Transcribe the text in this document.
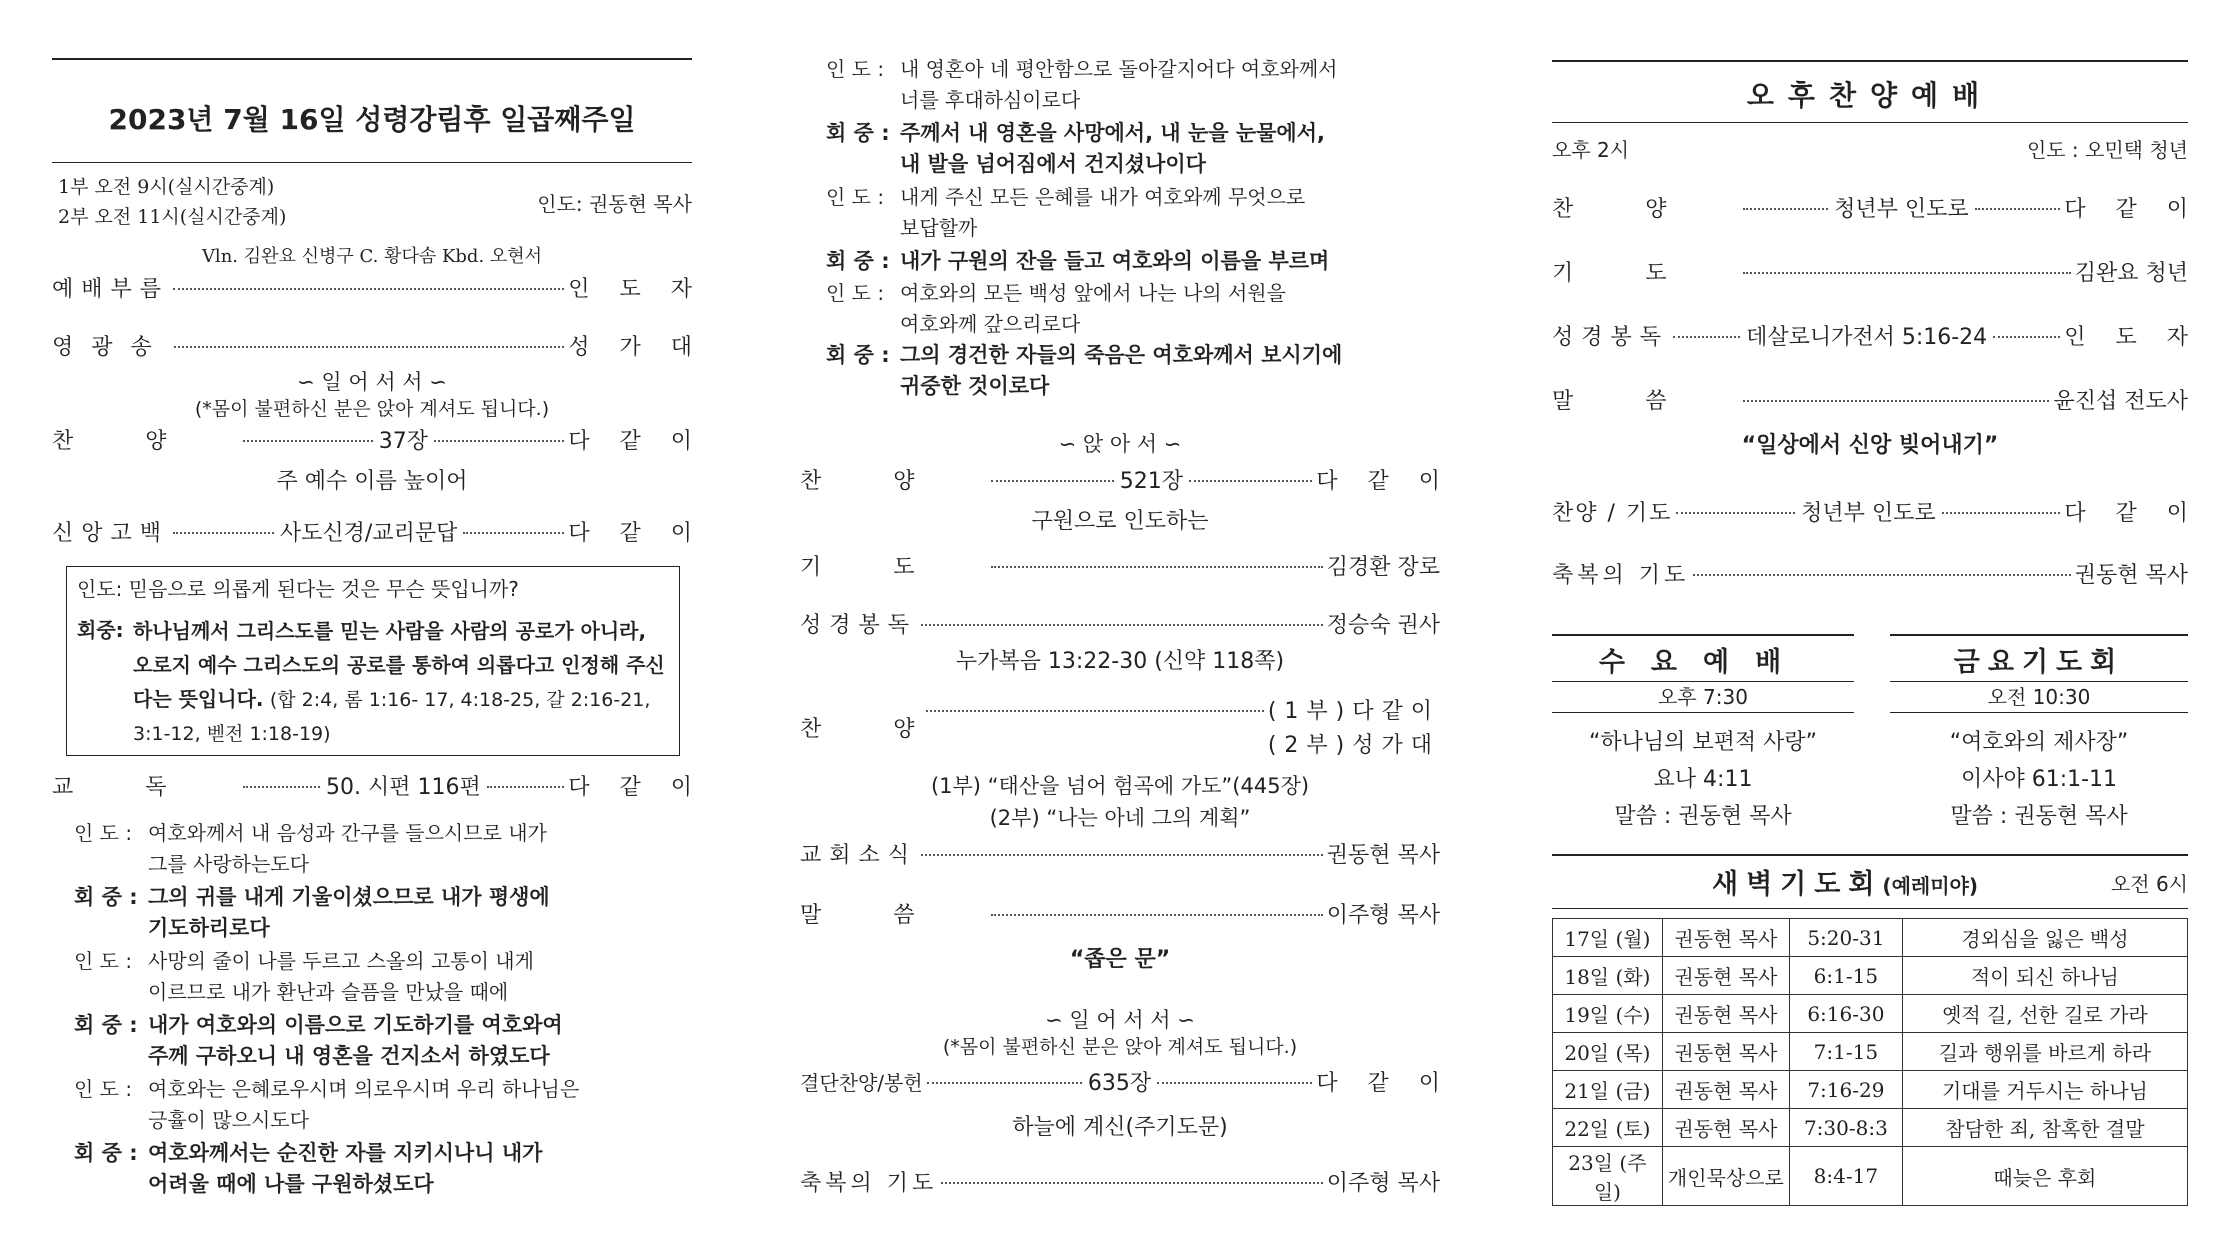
2023년 7월 16일 성령강림후 일곱째주일
1부 오전 9시(실시간중계)
2부 오전 11시(실시간중계)
인도: 권동현 목사
Vln. 김완요 신병구 C. 황다솜 Kbd. 오현서
예배부름	인도자
영광송	성가대
∽ 일 어 서 서 ∽
(*몸이 불편하신 분은 앉아 계셔도 됩니다.)
찬양	37장	다같이
주 예수 이름 높이어
신앙고백	사도신경/교리문답	다같이
인도: 믿음으로 의롭게 된다는 것은 무슨 뜻입니까?
회중: 하나님께서 그리스도를 믿는 사람을 사람의 공로가 아니라,
오로지 예수 그리스도의 공로를 통하여 의롭다고 인정해 주신
다는 뜻입니다. (합 2:4, 롬 1:16- 17, 4:18-25, 갈 2:16-21,
3:1-12, 벧전 1:18-19)
교독	50. 시편 116편	다같이
인 도 : 여호와께서 내 음성과 간구를 들으시므로 내가
그를 사랑하는도다
회 중 : 그의 귀를 내게 기울이셨으므로 내가 평생에
기도하리로다
인 도 : 사망의 줄이 나를 두르고 스올의 고통이 내게
이르므로 내가 환난과 슬픔을 만났을 때에
회 중 : 내가 여호와의 이름으로 기도하기를 여호와여
주께 구하오니 내 영혼을 건지소서 하였도다
인 도 : 여호와는 은혜로우시며 의로우시며 우리 하나님은
긍휼이 많으시도다
회 중 : 여호와께서는 순진한 자를 지키시나니 내가
어려울 때에 나를 구원하셨도다
인 도 : 내 영혼아 네 평안함으로 돌아갈지어다 여호와께서
너를 후대하심이로다
회 중 : 주께서 내 영혼을 사망에서, 내 눈을 눈물에서,
내 발을 넘어짐에서 건지셨나이다
인 도 : 내게 주신 모든 은혜를 내가 여호와께 무엇으로
보답할까
회 중 : 내가 구원의 잔을 들고 여호와의 이름을 부르며
인 도 : 여호와의 모든 백성 앞에서 나는 나의 서원을
여호와께 갚으리로다
회 중 : 그의 경건한 자들의 죽음은 여호와께서 보시기에
귀중한 것이로다
∽ 앉 아 서 ∽
찬양	521장	다같이
구원으로 인도하는
기도	김경환 장로
성경봉독	정승숙 권사
누가복음 13:22-30 (신약 118쪽)
찬양
(1부)다같이
(2부)성가대
(1부) “태산을 넘어 험곡에 가도”(445장)
(2부) “나는 아네 그의 계획”
교회소식	권동현 목사
말씀	이주형 목사
“좁은 문”
∽ 일 어 서 서 ∽
(*몸이 불편하신 분은 앉아 계셔도 됩니다.)
결단찬양/봉헌	635장	다같이
하늘에 계신(주기도문)
축복의 기도	이주형 목사
오후찬양예배
오후 2시	인도 : 오민택 청년
찬양	청년부 인도로	다같이
기도	김완요 청년
성경봉독	데살로니가전서 5:16-24	인도자
말씀	윤진섭 전도사
“일상에서 신앙 빚어내기”
찬양 / 기도	청년부 인도로	다같이
축복의 기도	권동현 목사
수요예배
오후 7:30
“하나님의 보편적 사랑”
요나 4:11
말씀 : 권동현 목사
금요기도회
오전 10:30
“여호와의 제사장”
이사야 61:1-11
말씀 : 권동현 목사
새벽기도회(예레미야)	오전 6시
17일 (월)	권동현 목사	5:20-31	경외심을 잃은 백성
18일 (화)	권동현 목사	6:1-15	적이 되신 하나님
19일 (수)	권동현 목사	6:16-30	옛적 길, 선한 길로 가라
20일 (목)	권동현 목사	7:1-15	길과 행위를 바르게 하라
21일 (금)	권동현 목사	7:16-29	기대를 거두시는 하나님
22일 (토)	권동현 목사	7:30-8:3	참담한 죄, 참혹한 결말
23일 (주일)	개인묵상으로	8:4-17	때늦은 후회
